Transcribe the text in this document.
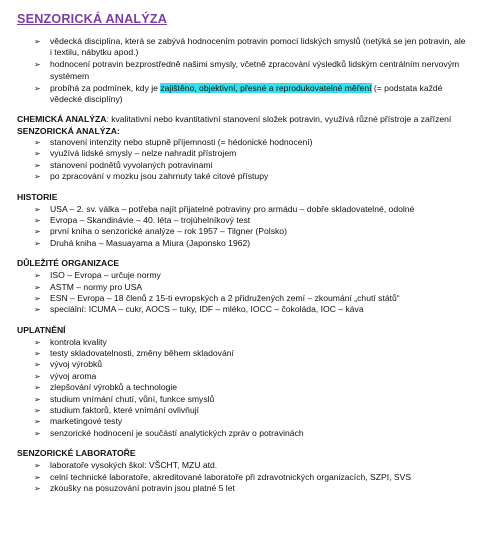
SENZORICKÁ ANALÝZA
➢ vědecká disciplína, která se zabývá hodnocením potravin pomocí lidských smyslů (netýká se jen potravin, ale i textilu, nábytku apod.)
➢ hodnocení potravin bezprostředně našimi smysly, včetně zpracování výsledků lidským centrálním nervovým systémem
➢ probíhá za podmínek, kdy je zajištěno, objektivní, přesné a reprodukovatelné měření (= podstata každé vědecké disciplíny)
CHEMICKÁ ANALÝZA: kvalitativní nebo kvantitativní stanovení složek potravin, využívá různé přístroje a zařízení
SENZORICKÁ ANALÝZA:
➢ stanovení intenzity nebo stupně příjemnosti (= hédonické hodnocení)
➢ využívá lidské smysly – nelze nahradit přístrojem
➢ stanovení podnětů vyvolaných potravinami
➢ po zpracování v mozku jsou zahrnuty také citové přístupy
HISTORIE
➢ USA – 2. sv. válka – potřeba najít přijatelné potraviny pro armádu – dobře skladovatelné, odolné
➢ Evropa – Skandinávie – 40. léta – trojúhelníkový test
➢ první kniha o senzorické analýze – rok 1957 – Tilgner (Polsko)
➢ Druhá kniha – Masuayama a Miura (Japonsko 1962)
DŮLEŽITÉ ORGANIZACE
➢ ISO – Evropa – určuje normy
➢ ASTM – normy pro USA
➢ ESN – Evropa – 18 členů z 15-ti evropských a 2 přidružených zemí – zkoumání „chutí států“
➢ speciální: ICUMA – cukr, AOCS – tuky, IDF – mléko, IOCC – čokoláda, IOC – káva
UPLATNĚNÍ
➢ kontrola kvality
➢ testy skladovatelnosti, změny během skladování
➢ vývoj výrobků
➢ vývoj aroma
➢ zlepšování výrobků a technologie
➢ studium vnímání chutí, vůní, funkce smyslů
➢ studium faktorů, které vnímání ovlivňují
➢ marketingové testy
➢ senzorické hodnocení je součástí analytických zpráv o potravinách
SENZORICKÉ LABORATOŘE
➢ laboratoře vysokých škol: VŠCHT, MZU atd.
➢ celní technické laboratoře, akreditované laboratoře při zdravotnických organizacích, SZPI, SVS
➢ zkoušky na posuzování potravin jsou platné 5 let
